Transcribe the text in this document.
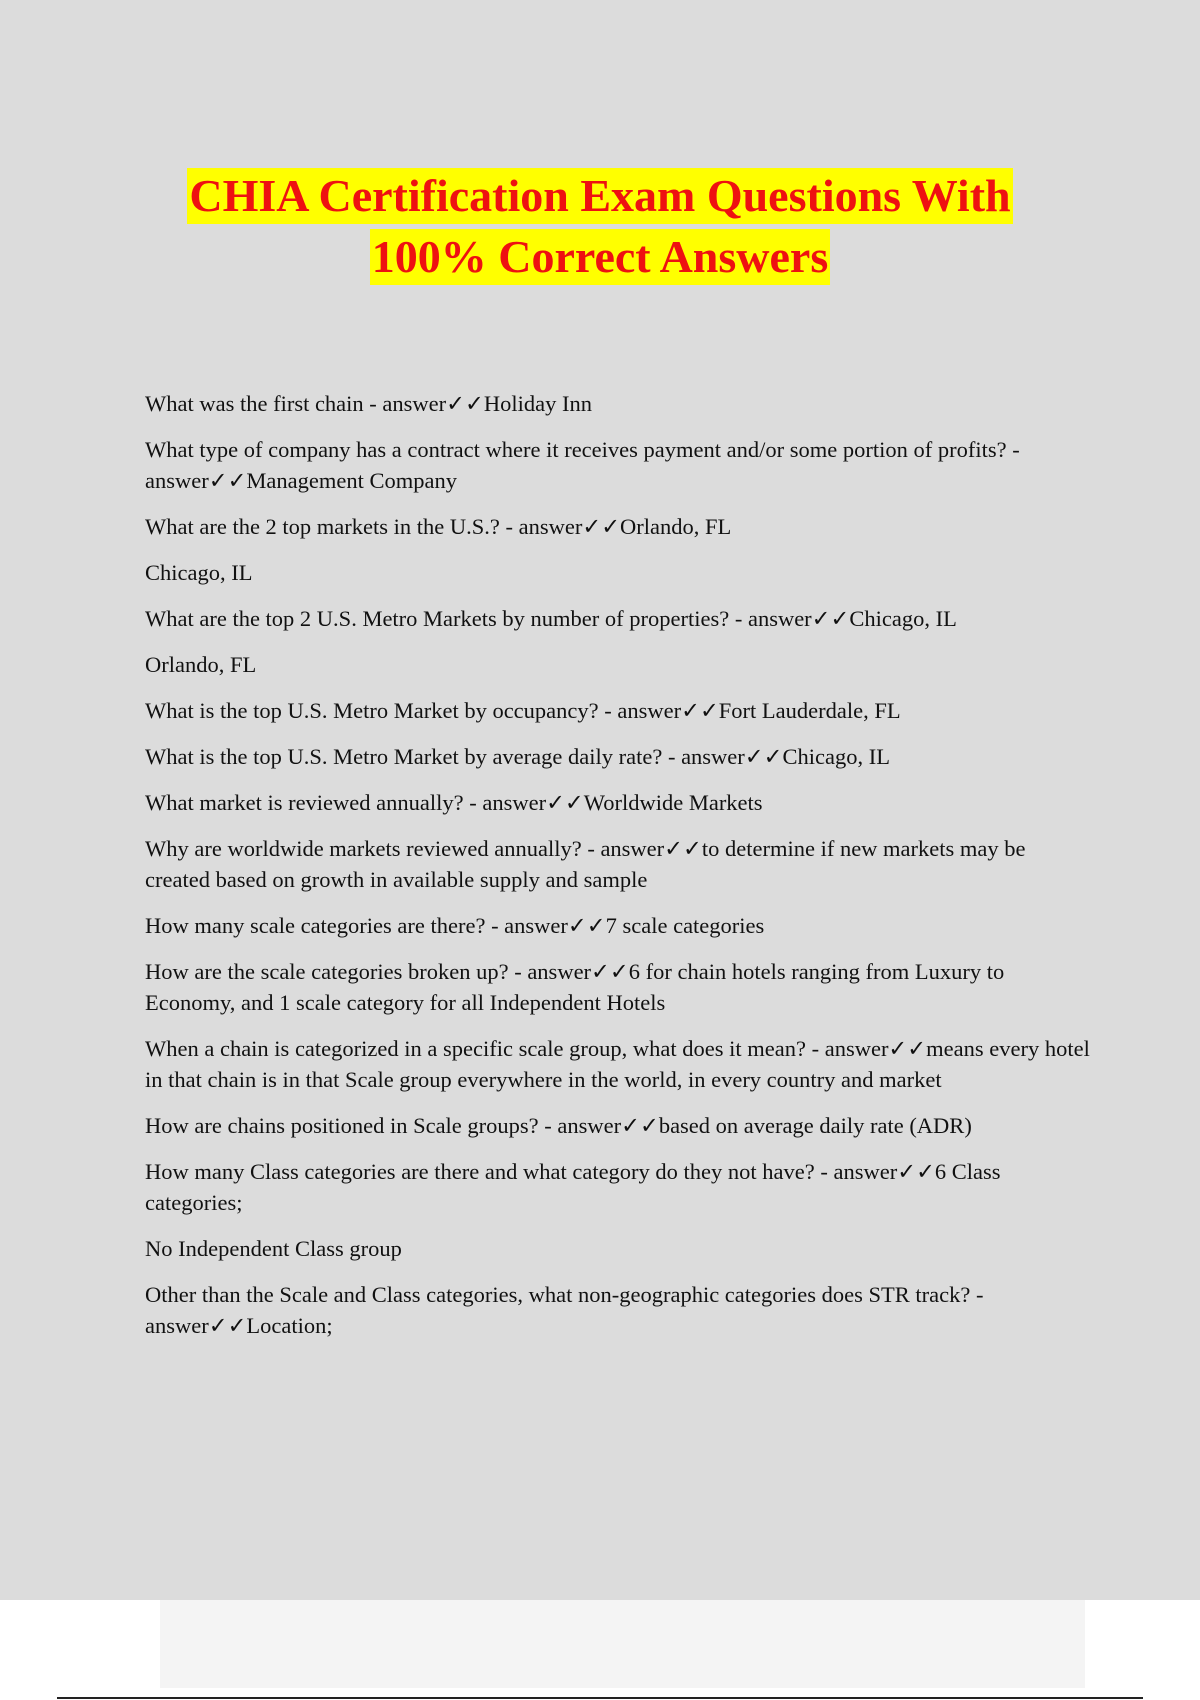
CHIA Certification Exam Questions With
100% Correct Answers

What was the first chain - answer✓✓Holiday Inn

What type of company has a contract where it receives payment and/or some portion of profits? - answer✓✓Management Company

What are the 2 top markets in the U.S.? - answer✓✓Orlando, FL

Chicago, IL

What are the top 2 U.S. Metro Markets by number of properties? - answer✓✓Chicago, IL

Orlando, FL

What is the top U.S. Metro Market by occupancy? - answer✓✓Fort Lauderdale, FL

What is the top U.S. Metro Market by average daily rate? - answer✓✓Chicago, IL

What market is reviewed annually? - answer✓✓Worldwide Markets

Why are worldwide markets reviewed annually? - answer✓✓to determine if new markets may be created based on growth in available supply and sample

How many scale categories are there? - answer✓✓7 scale categories

How are the scale categories broken up? - answer✓✓6 for chain hotels ranging from Luxury to Economy, and 1 scale category for all Independent Hotels

When a chain is categorized in a specific scale group, what does it mean? - answer✓✓means every hotel in that chain is in that Scale group everywhere in the world, in every country and market

How are chains positioned in Scale groups? - answer✓✓based on average daily rate (ADR)

How many Class categories are there and what category do they not have? - answer✓✓6 Class categories;

No Independent Class group

Other than the Scale and Class categories, what non-geographic categories does STR track? - answer✓✓Location;
